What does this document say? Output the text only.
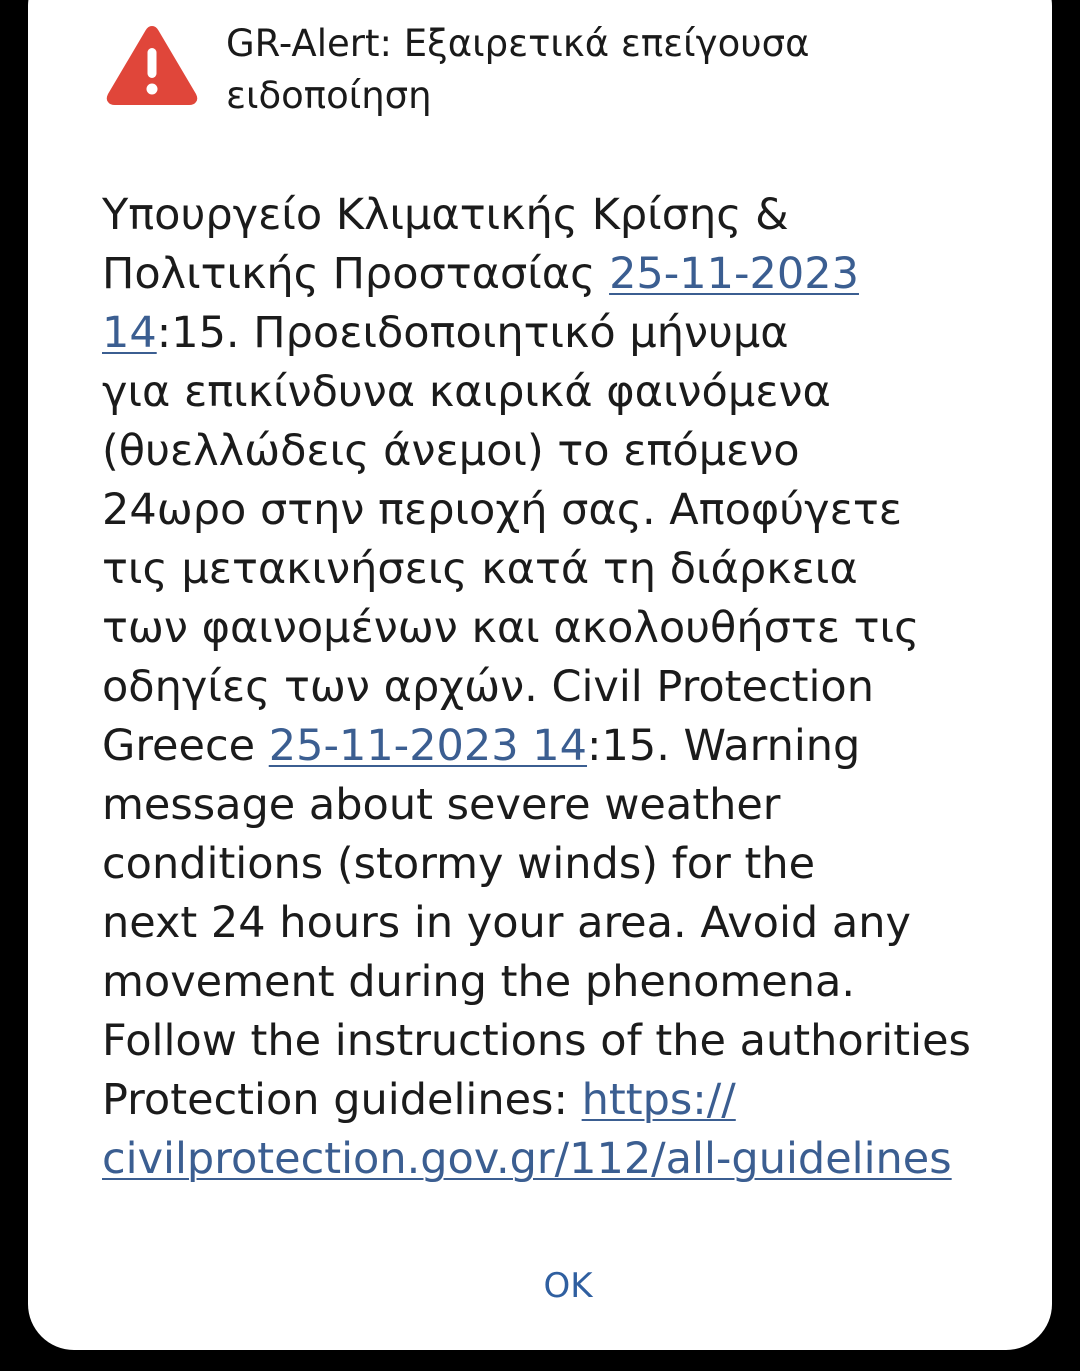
GR-Alert: Εξαιρετικά επείγουσα
ειδοποίηση
Υπουργείο Κλιματικής Κρίσης &
Πολιτικής Προστασίας 25-11-2023
14:15. Προειδοποιητικό μήνυμα
για επικίνδυνα καιρικά φαινόμενα
(θυελλώδεις άνεμοι) το επόμενο
24ωρο στην περιοχή σας. Αποφύγετε
τις μετακινήσεις κατά τη διάρκεια
των φαινομένων και ακολουθήστε τις
οδηγίες των αρχών. Civil Protection
Greece 25-11-2023 14:15. Warning
message about severe weather
conditions (stormy winds) for the
next 24 hours in your area. Avoid any
movement during the phenomena.
Follow the instructions of the authorities
Protection guidelines: https://
civilprotection.gov.gr/112/all-guidelines
OK
